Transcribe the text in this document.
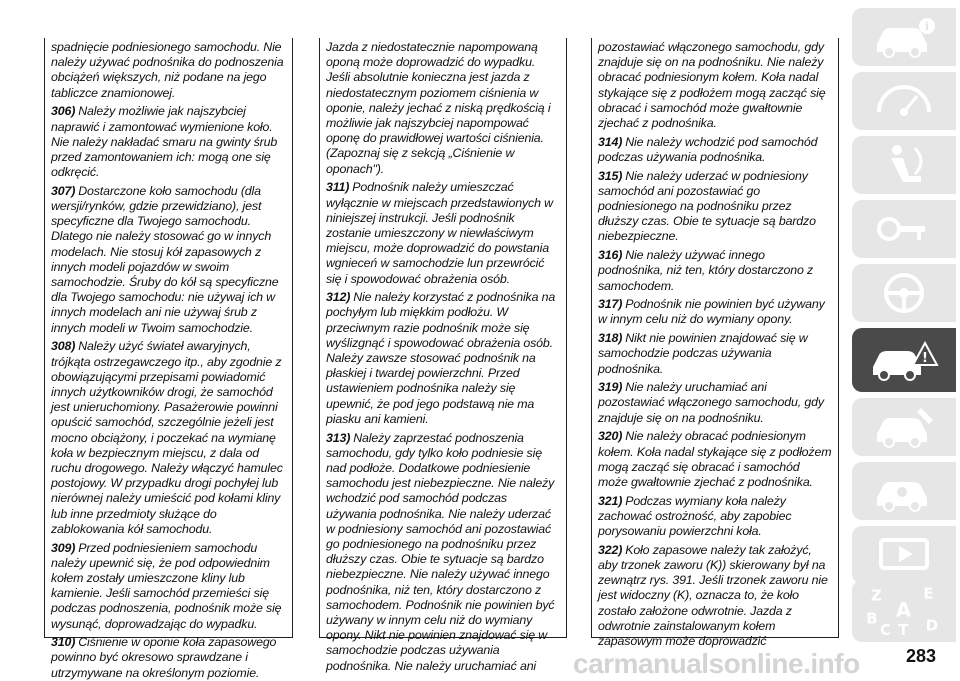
spadnięcie podniesionego samochodu. Nie należy używać podnośnika do podnoszenia obciążeń większych, niż podane na jego tabliczce znamionowej.

306) Należy możliwie jak najszybciej naprawić i zamontować wymienione koło. Nie należy nakładać smaru na gwinty śrub przed zamontowaniem ich: mogą one się odkręcić.

307) Dostarczone koło samochodu (dla wersji/rynków, gdzie przewidziano), jest specyficzne dla Twojego samochodu. Dlatego nie należy stosować go w innych modelach. Nie stosuj kół zapasowych z innych modeli pojazdów w swoim samochodzie. Śruby do kół są specyficzne dla Twojego samochodu: nie używaj ich w innych modelach ani nie używaj śrub z innych modeli w Twoim samochodzie.

308) Należy użyć świateł awaryjnych, trójkąta ostrzegawczego itp., aby zgodnie z obowiązującymi przepisami powiadomić innych użytkowników drogi, że samochód jest unieruchomiony. Pasażerowie powinni opuścić samochód, szczególnie jeżeli jest mocno obciążony, i poczekać na wymianę koła w bezpiecznym miejscu, z dala od ruchu drogowego. Należy włączyć hamulec postojowy. W przypadku drogi pochyłej lub nierównej należy umieścić pod kołami kliny lub inne przedmioty służące do zablokowania kół samochodu.

309) Przed podniesieniem samochodu należy upewnić się, że pod odpowiednim kołem zostały umieszczone kliny lub kamienie. Jeśli samochód przemieści się podczas podnoszenia, podnośnik może się wysunąć, doprowadzając do wypadku.

310) Ciśnienie w oponie koła zapasowego powinno być okresowo sprawdzane i utrzymywane na określonym poziomie.

Jazda z niedostatecznie napompowaną oponą może doprowadzić do wypadku. Jeśli absolutnie konieczna jest jazda z niedostatecznym poziomem ciśnienia w oponie, należy jechać z niską prędkością i możliwie jak najszybciej napompować oponę do prawidłowej wartości ciśnienia. (Zapoznaj się z sekcją „Ciśnienie w oponach").

311) Podnośnik należy umieszczać wyłącznie w miejscach przedstawionych w niniejszej instrukcji. Jeśli podnośnik zostanie umieszczony w niewłaściwym miejscu, może doprowadzić do powstania wgnieceń w samochodzie lun przewrócić się i spowodować obrażenia osób.

312) Nie należy korzystać z podnośnika na pochyłym lub miękkim podłożu. W przeciwnym razie podnośnik może się wyślizgnąć i spowodować obrażenia osób. Należy zawsze stosować podnośnik na płaskiej i twardej powierzchni. Przed ustawieniem podnośnika należy się upewnić, że pod jego podstawą nie ma piasku ani kamieni.

313) Należy zaprzestać podnoszenia samochodu, gdy tylko koło podniesie się nad podłoże. Dodatkowe podniesienie samochodu jest niebezpieczne. Nie należy wchodzić pod samochód podczas używania podnośnika. Nie należy uderzać w podniesiony samochód ani pozostawiać go podniesionego na podnośniku przez dłuższy czas. Obie te sytuacje są bardzo niebezpieczne. Nie należy używać innego podnośnika, niż ten, który dostarczono z samochodem. Podnośnik nie powinien być używany w innym celu niż do wymiany opony. Nikt nie powinien znajdować się w samochodzie podczas używania podnośnika. Nie należy uruchamiać ani

pozostawiać włączonego samochodu, gdy znajduje się on na podnośniku. Nie należy obracać podniesionym kołem. Koła nadal stykające się z podłożem mogą zacząć się obracać i samochód może gwałtownie zjechać z podnośnika.

314) Nie należy wchodzić pod samochód podczas używania podnośnika.

315) Nie należy uderzać w podniesiony samochód ani pozostawiać go podniesionego na podnośniku przez dłuższy czas. Obie te sytuacje są bardzo niebezpieczne.

316) Nie należy używać innego podnośnika, niż ten, który dostarczono z samochodem.

317) Podnośnik nie powinien być używany w innym celu niż do wymiany opony.

318) Nikt nie powinien znajdować się w samochodzie podczas używania podnośnika.

319) Nie należy uruchamiać ani pozostawiać włączonego samochodu, gdy znajduje się on na podnośniku.

320) Nie należy obracać podniesionym kołem. Koła nadal stykające się z podłożem mogą zacząć się obracać i samochód może gwałtownie zjechać z podnośnika.

321) Podczas wymiany koła należy zachować ostrożność, aby zapobiec porysowaniu powierzchni koła.

322) Koło zapasowe należy tak założyć, aby trzonek zaworu (K)) skierowany był na zewnątrz rys. 391. Jeśli trzonek zaworu nie jest widoczny (K), oznacza to, że koło zostało założone odwrotnie. Jazda z odwrotnie zainstalowanym kołem zapasowym może doprowadzić

i
!
Z	E
A
B
C T D
carmanualsonline.info	283
